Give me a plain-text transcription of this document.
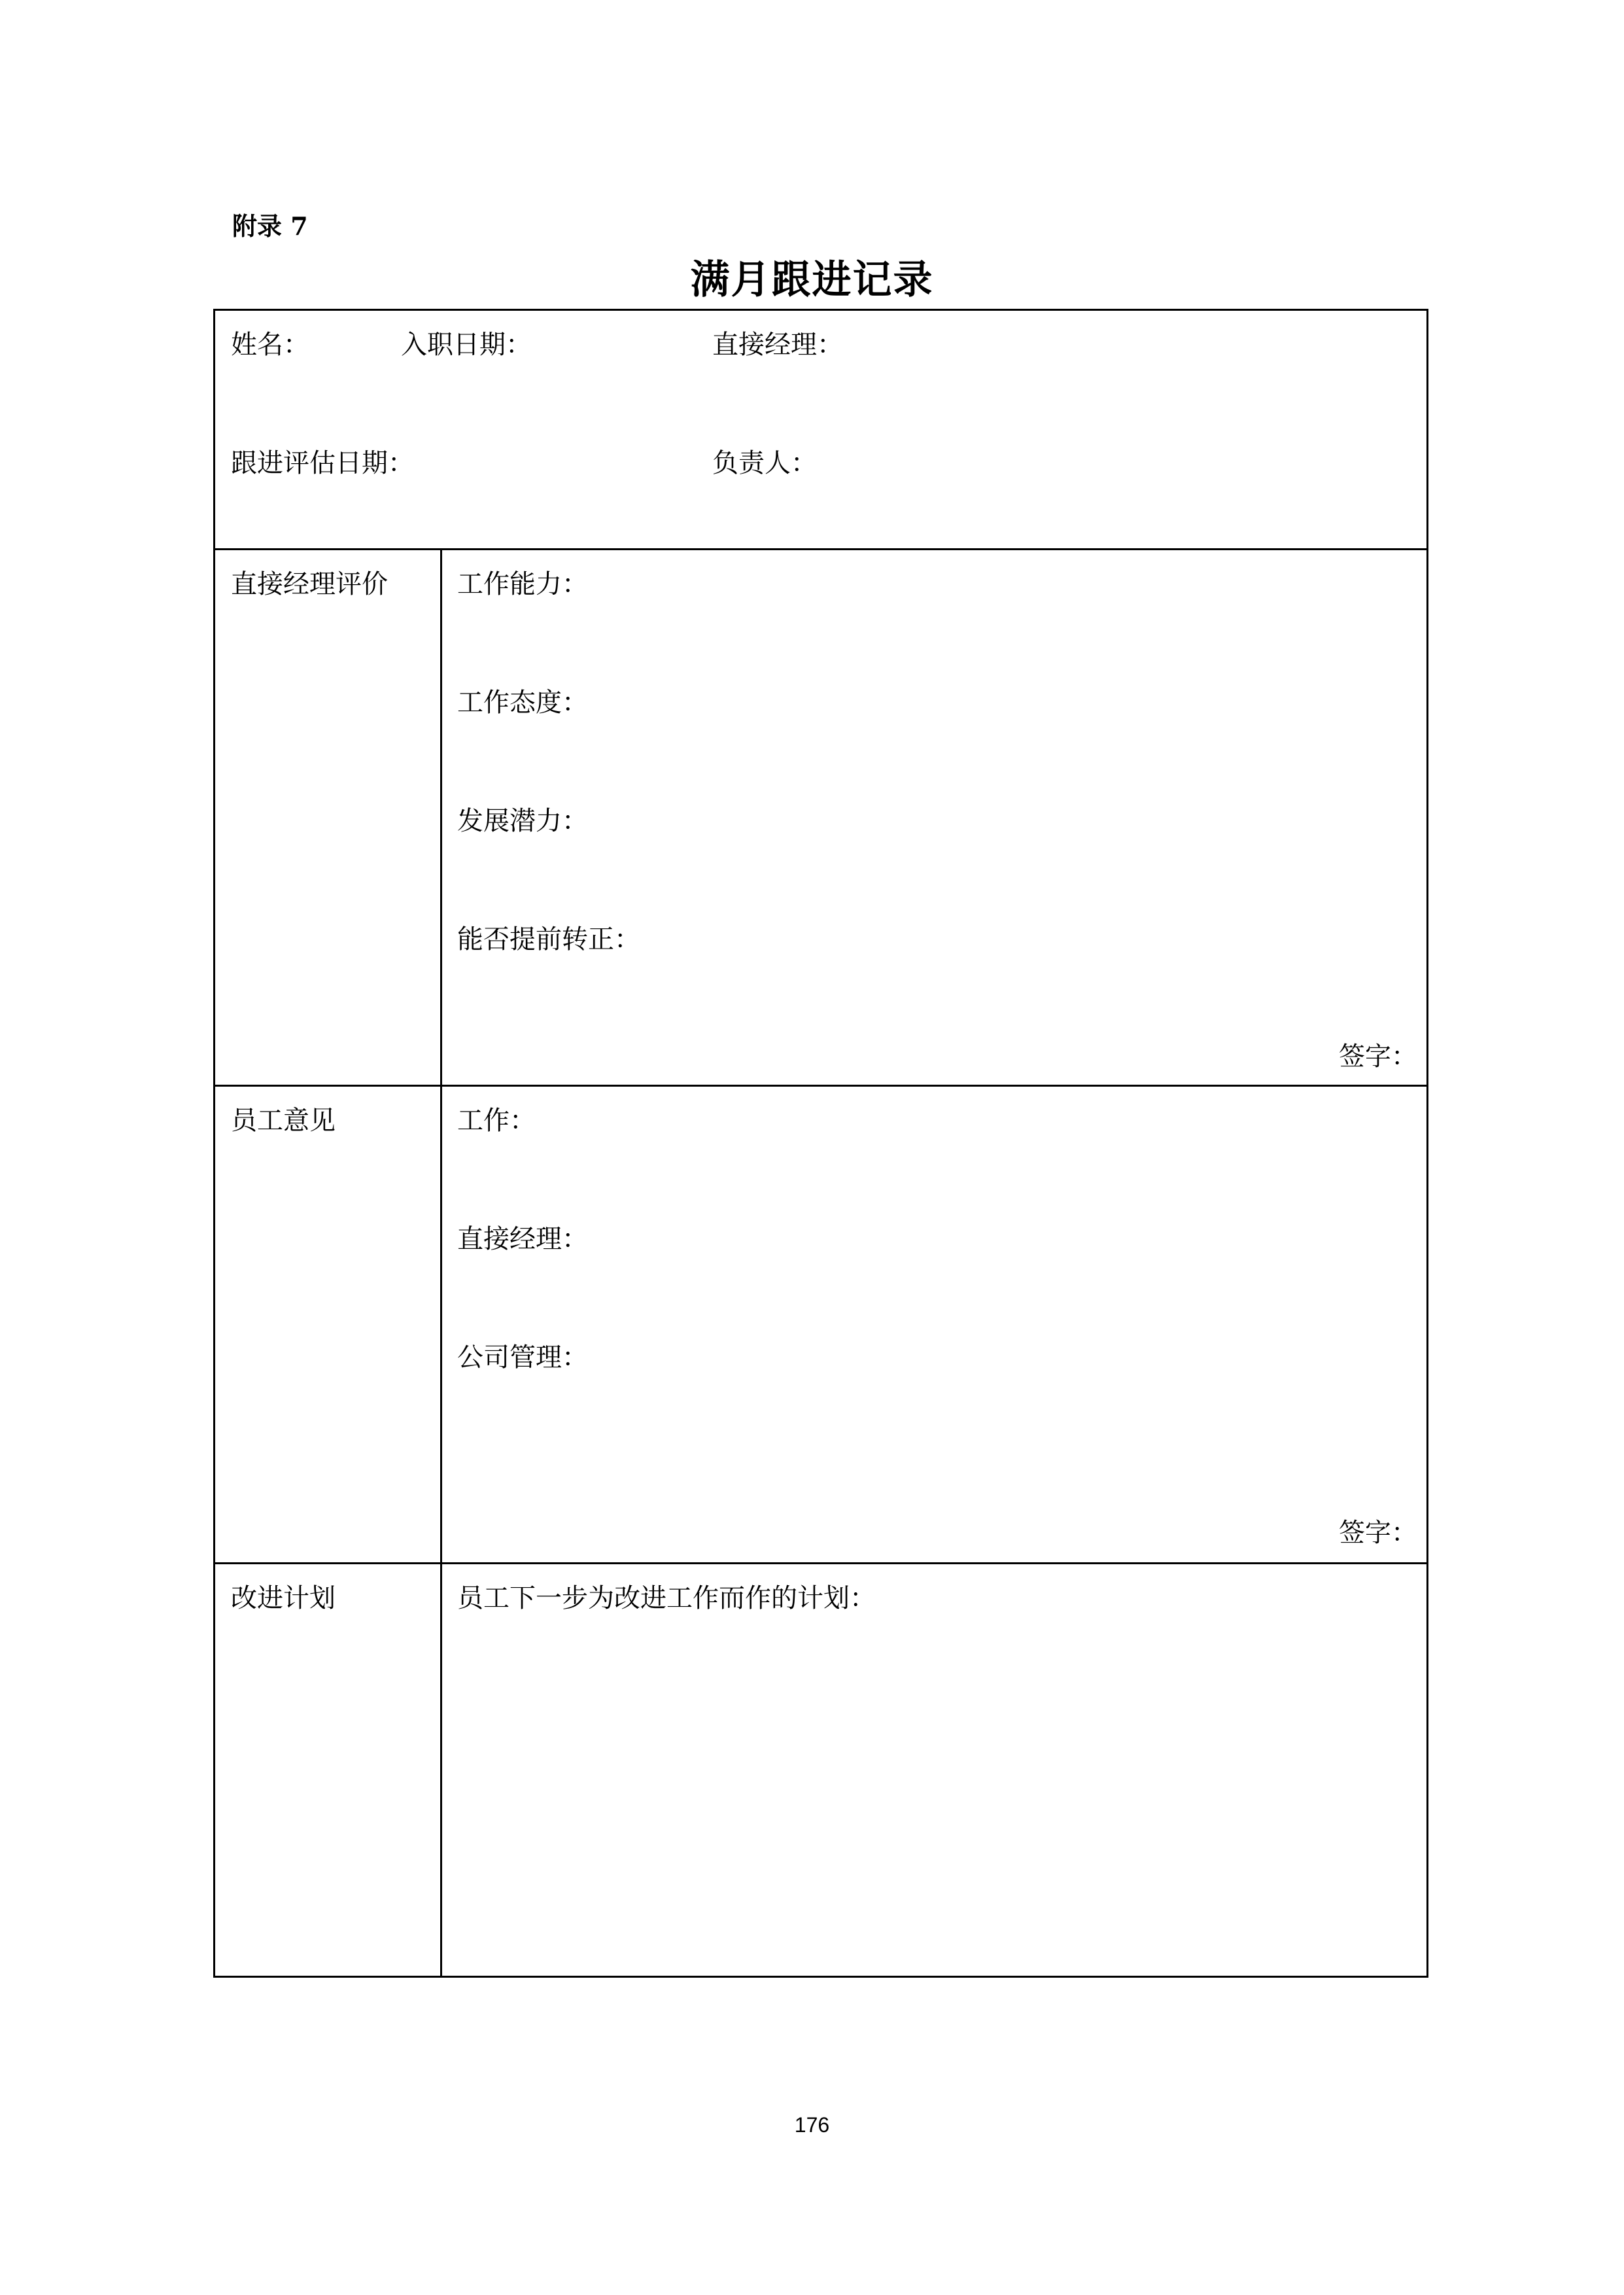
附录 7
满月跟进记录
姓名：	入职日期：	直接经理：
跟进评估日期：	负责人：
直接经理评价	工作能力：
工作态度：
发展潜力：
能否提前转正：
签字：
员工意见	工作：
直接经理：
公司管理：
签字：
改进计划	员工下一步为改进工作而作的计划：
176
